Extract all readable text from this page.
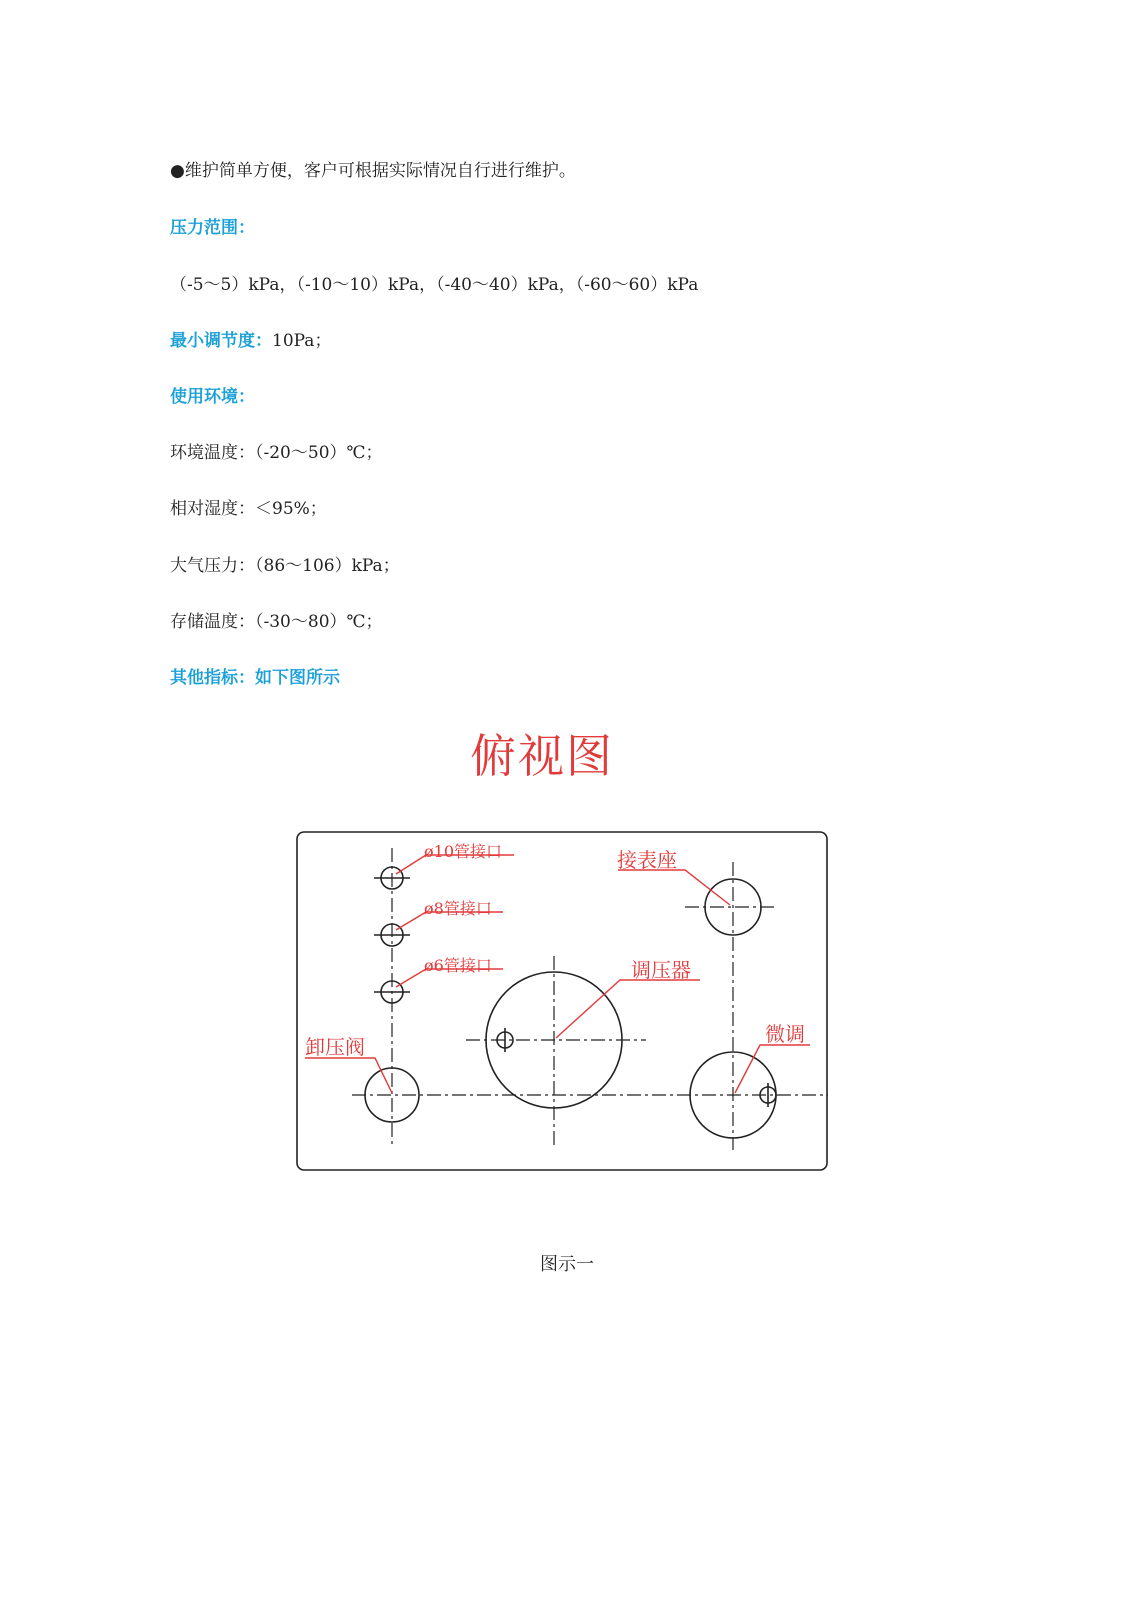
●维护简单方便，客户可根据实际情况自行进行维护。
压力范围：
（-5～5）kPa，（-10～10）kPa，（-40～40）kPa，（-60～60）kPa
最小调节度：10Pa；
使用环境：
环境温度：（-20～50）℃；
相对湿度：＜95%；
大气压力：（86～106）kPa；
存储温度：（-30～80）℃；
其他指标：如下图所示
俯视图
ø10管接口
ø8管接口
ø6管接口
接表座
调压器
卸压阀
微调
图示一
